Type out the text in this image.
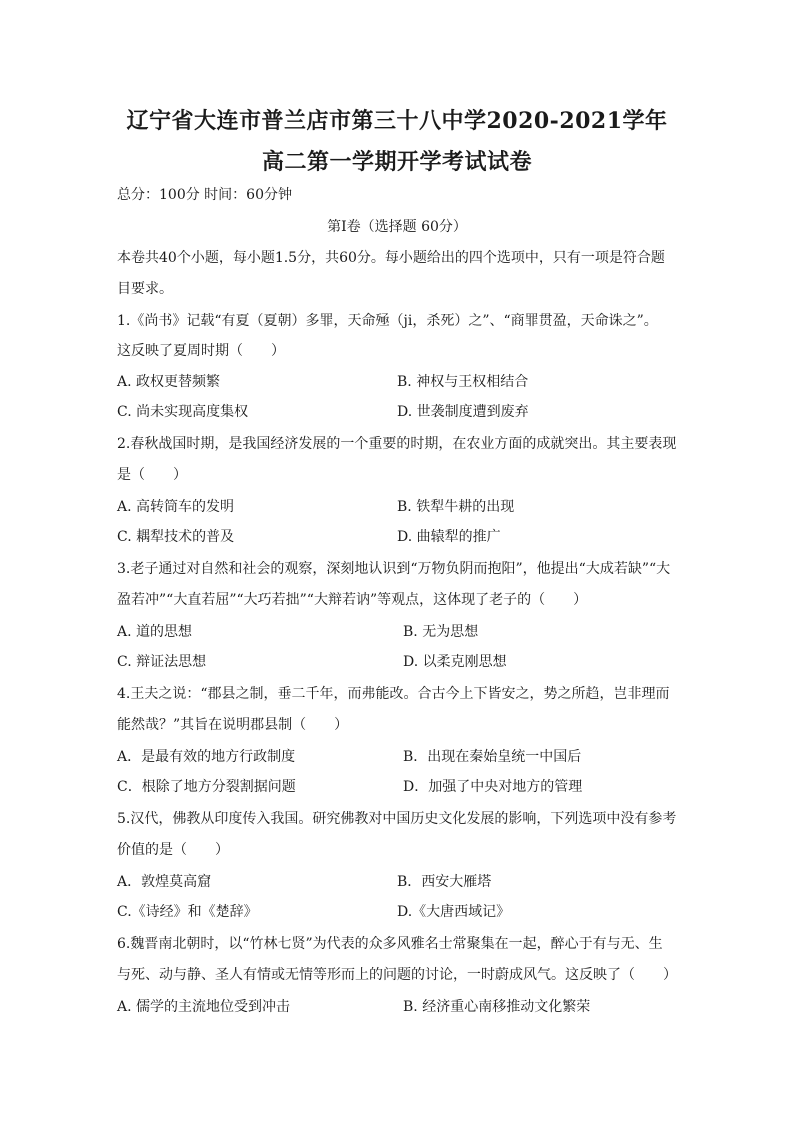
辽宁省大连市普兰店市第三十八中学2020-2021学年
高二第一学期开学考试试卷
总分：100分 时间：60分钟
第Ⅰ卷（选择题 60分）
本卷共40个小题，每小题1.5分，共60分。每小题给出的四个选项中，只有一项是符合题
目要求。
1.《尚书》记载“有夏（夏朝）多罪，天命殛（ji，杀死）之”、“商罪贯盈，天命诛之”。
这反映了夏周时期（　　）
A. 政权更替频繁	B. 神权与王权相结合
C. 尚未实现高度集权	D. 世袭制度遭到废弃
2.春秋战国时期，是我国经济发展的一个重要的时期，在农业方面的成就突出。其主要表现
是（　　）
A. 高转筒车的发明	B. 铁犁牛耕的出现
C. 耦犁技术的普及	D. 曲辕犁的推广
3.老子通过对自然和社会的观察，深刻地认识到“万物负阴而抱阳”，他提出“大成若缺”“大
盈若冲”“大直若屈”“大巧若拙”“大辩若讷”等观点，这体现了老子的（　　）
A. 道的思想	B. 无为思想
C. 辩证法思想	D. 以柔克刚思想
4.王夫之说：“郡县之制，垂二千年，而弗能改。合古今上下皆安之，势之所趋，岂非理而
能然哉？”其旨在说明郡县制（　　）
A．是最有效的地方行政制度	B．出现在秦始皇统一中国后
C．根除了地方分裂割据问题	D．加强了中央对地方的管理
5.汉代，佛教从印度传入我国。研究佛教对中国历史文化发展的影响，下列选项中没有参考
价值的是（　　）
A．敦煌莫高窟	B．西安大雁塔
C.《诗经》和《楚辞》	D.《大唐西域记》
6.魏晋南北朝时，以“竹林七贤”为代表的众多风雅名士常聚集在一起，醉心于有与无、生
与死、动与静、圣人有情或无情等形而上的问题的讨论，一时蔚成风气。这反映了（　　）
A. 儒学的主流地位受到冲击	B. 经济重心南移推动文化繁荣
